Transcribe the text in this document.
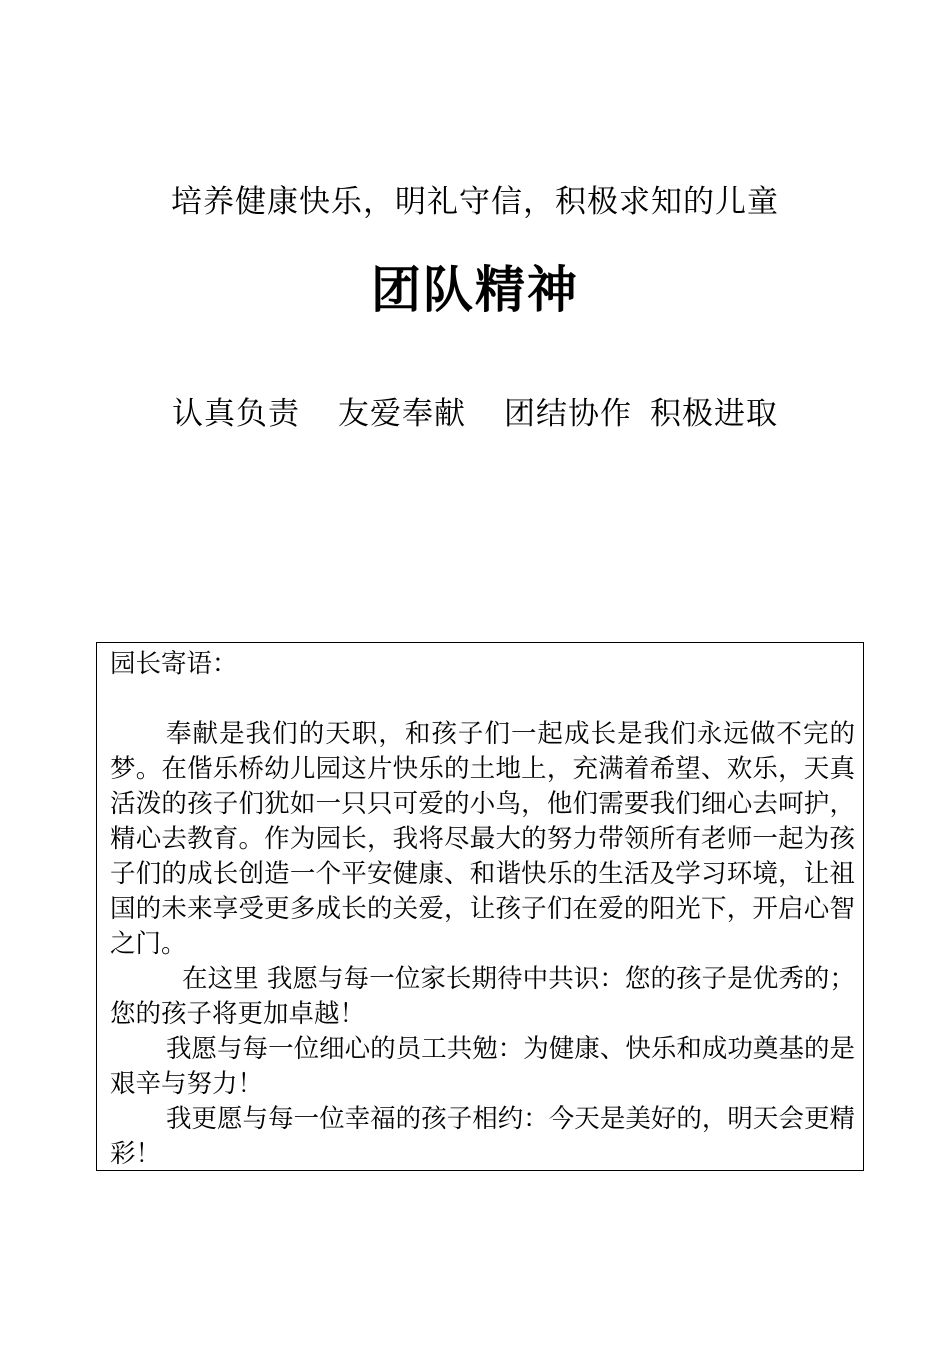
培养健康快乐，明礼守信，积极求知的儿童
团队精神
认真负责 友爱奉献 团结协作 积极进取

园长寄语：

奉献是我们的天职，和孩子们一起成长是我们永远做不完的梦。在偕乐桥幼儿园这片快乐的土地上，充满着希望、欢乐，天真活泼的孩子们犹如一只只可爱的小鸟，他们需要我们细心去呵护，精心去教育。作为园长，我将尽最大的努力带领所有老师一起为孩子们的成长创造一个平安健康、和谐快乐的生活及学习环境，让祖国的未来享受更多成长的关爱，让孩子们在爱的阳光下，开启心智之门。

在这里 我愿与每一位家长期待中共识：您的孩子是优秀的；您的孩子将更加卓越！

我愿与每一位细心的员工共勉：为健康、快乐和成功奠基的是艰辛与努力！

我更愿与每一位幸福的孩子相约：今天是美好的，明天会更精彩！
